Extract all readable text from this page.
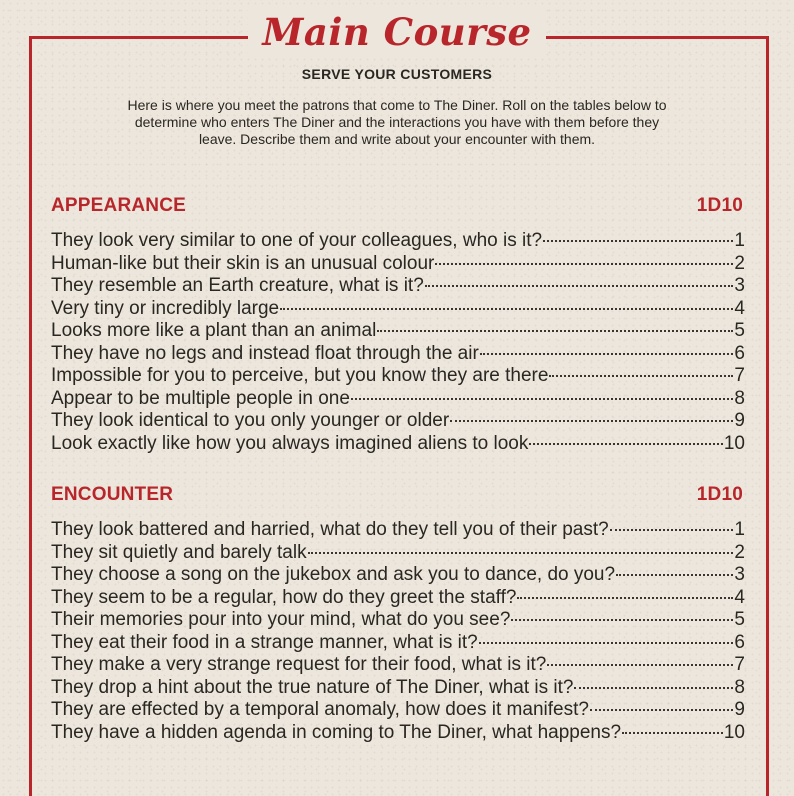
Main Course
SERVE YOUR CUSTOMERS
Here is where you meet the patrons that come to The Diner. Roll on the tables below to determine who enters The Diner and the interactions you have with them before they leave. Describe them and write about your encounter with them.
APPEARANCE	1D10
They look very similar to one of your colleagues, who is it?	1
Human-like but their skin is an unusual colour	2
They resemble an Earth creature, what is it?	3
Very tiny or incredibly large	4
Looks more like a plant than an animal	5
They have no legs and instead float through the air	6
Impossible for you to perceive, but you know they are there	7
Appear to be multiple people in one	8
They look identical to you only younger or older	9
Look exactly like how you always imagined aliens to look	10
ENCOUNTER	1D10
They look battered and harried, what do they tell you of their past?	1
They sit quietly and barely talk	2
They choose a song on the jukebox and ask you to dance, do you?	3
They seem to be a regular, how do they greet the staff?	4
Their memories pour into your mind, what do you see?	5
They eat their food in a strange manner, what is it?	6
They make a very strange request for their food, what is it?	7
They drop a hint about the true nature of The Diner, what is it?	8
They are effected by a temporal anomaly, how does it manifest?	9
They have a hidden agenda in coming to The Diner, what happens?	10
